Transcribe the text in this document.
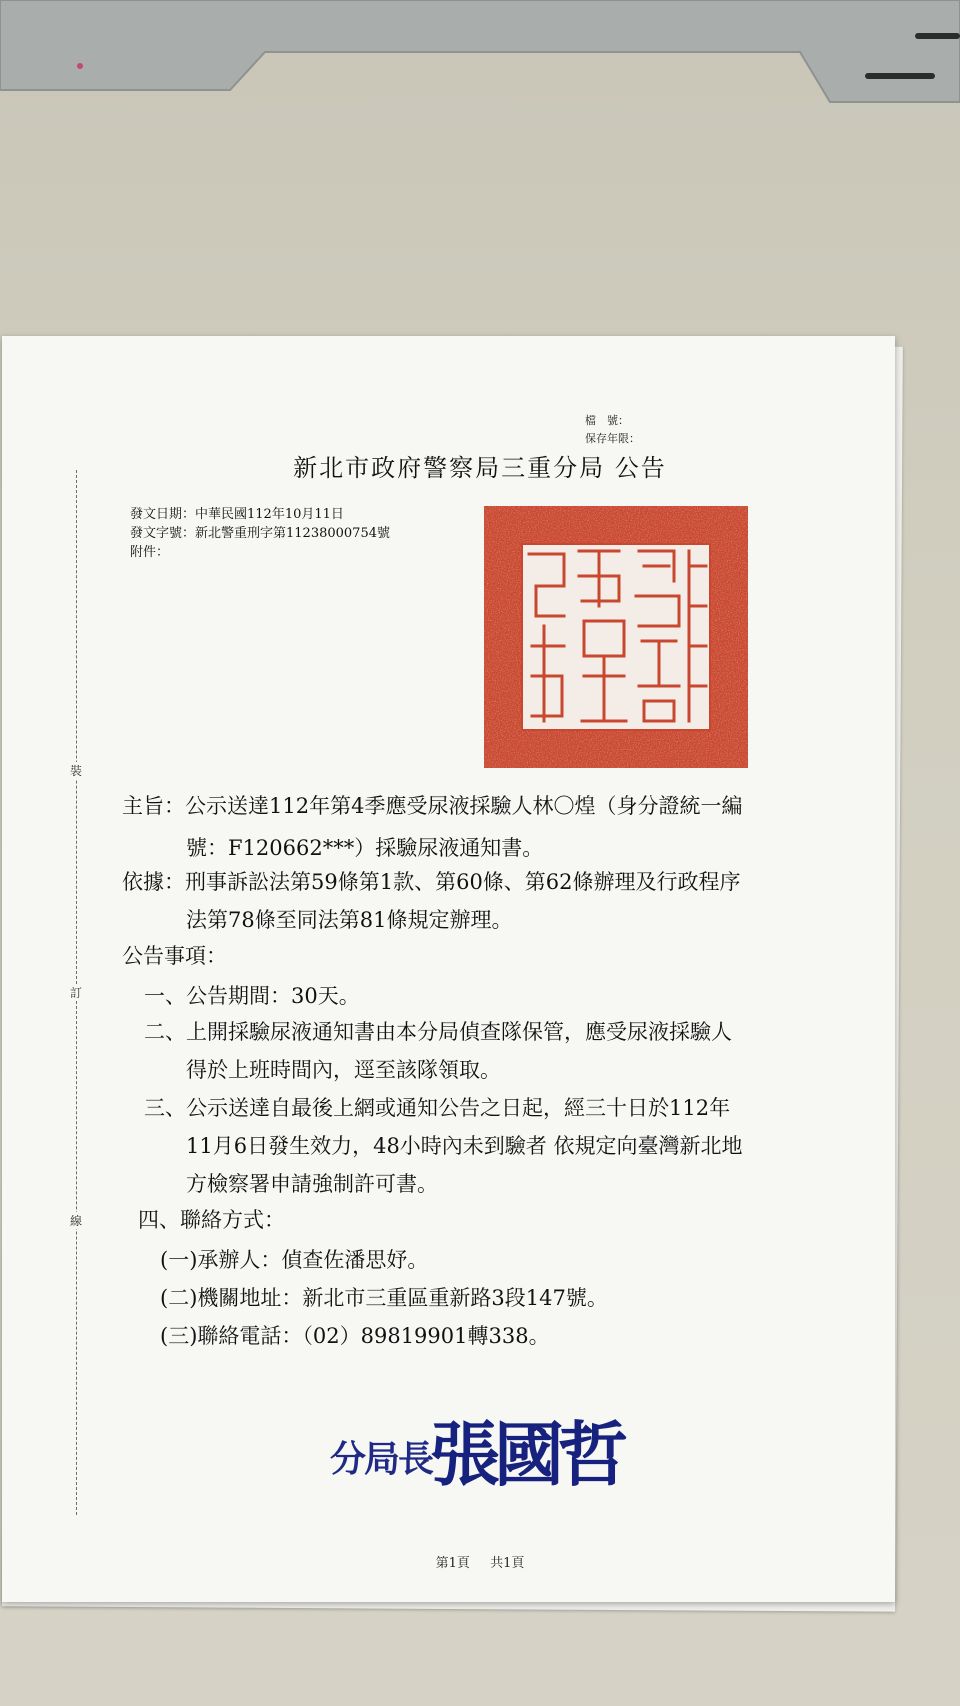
裝
訂
線
檔　號：
保存年限：
新北市政府警察局三重分局 公告
發文日期：中華民國112年10月11日
發文字號：新北警重刑字第11238000754號
附件：
主旨：公示送達112年第4季應受尿液採驗人林〇煌（身分證統一編
號：F120662***）採驗尿液通知書。
依據：刑事訴訟法第59條第1款、第60條、第62條辦理及行政程序
法第78條至同法第81條規定辦理。
公告事項：
一、公告期間：30天。
二、上開採驗尿液通知書由本分局偵查隊保管，應受尿液採驗人
得於上班時間內，逕至該隊領取。
三、公示送達自最後上網或通知公告之日起，經三十日於112年
11月6日發生效力，48小時內未到驗者 依規定向臺灣新北地
方檢察署申請強制許可書。
四、聯絡方式：
(一)承辦人：偵查佐潘思妤。
(二)機關地址：新北市三重區重新路3段147號。
(三)聯絡電話：（02）89819901轉338。
分局長
張國哲
第1頁 共1頁
